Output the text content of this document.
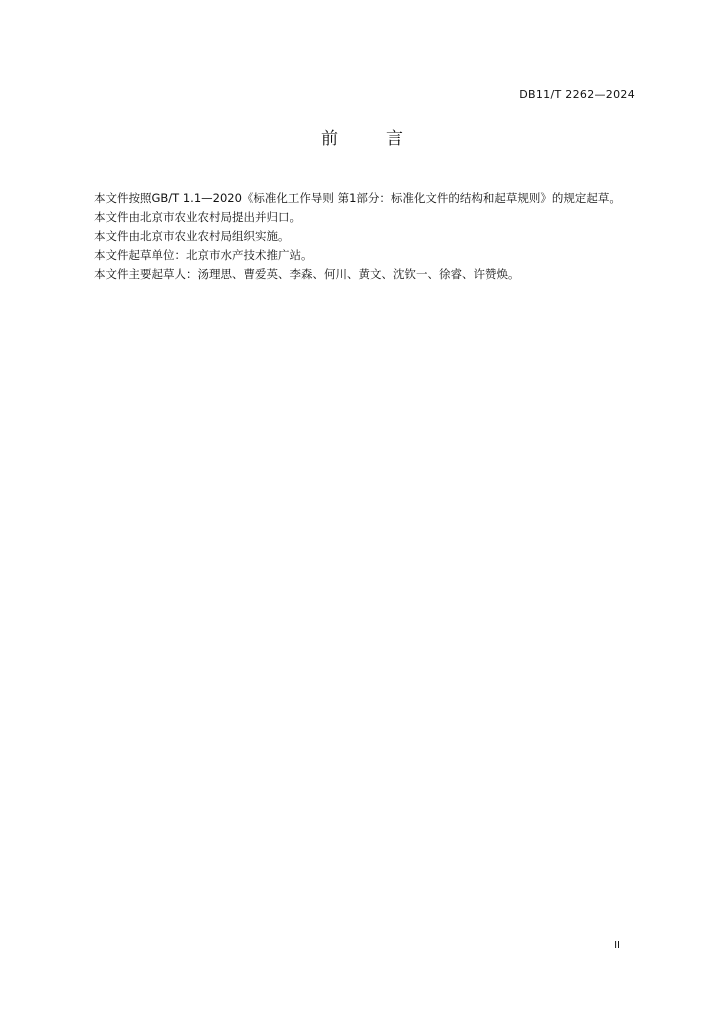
DB11/T 2262—2024
前	言

本文件按照GB/T 1.1—2020《标准化工作导则 第1部分：标准化文件的结构和起草规则》的规定起草。

本文件由北京市农业农村局提出并归口。

本文件由北京市农业农村局组织实施。

本文件起草单位：北京市水产技术推广站。

本文件主要起草人：汤理思、曹爱英、李森、何川、黄文、沈钦一、徐睿、许赞焕。

II
